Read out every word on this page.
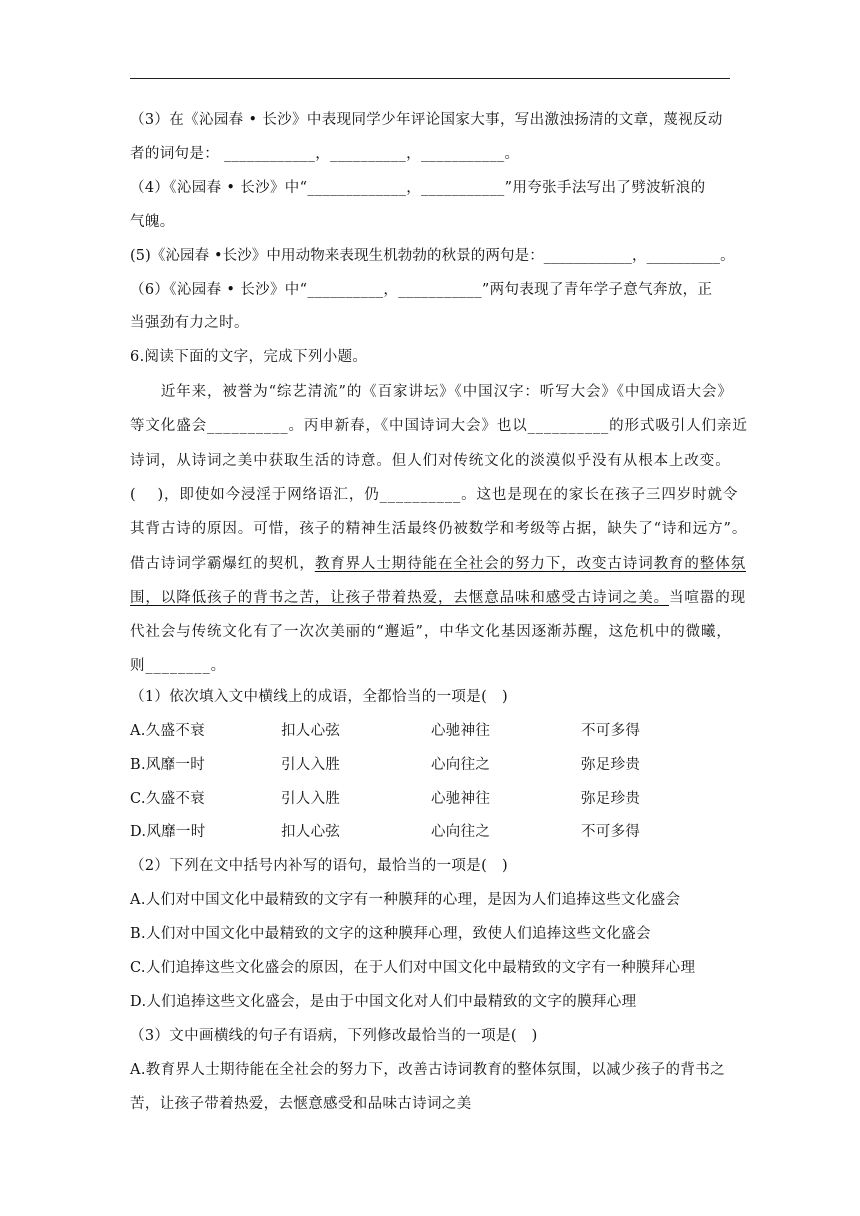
（3）在《沁园春 • 长沙》中表现同学少年评论国家大事，写出激浊扬清的文章，蔑视反动
者的词句是： ____________，__________，___________。
（4）《沁园春 • 长沙》中“_____________，___________”用夸张手法写出了劈波斩浪的
气魄。
(5)《沁园春 •长沙》中用动物来表现生机勃勃的秋景的两句是：____________，__________。
（6）《沁园春 • 长沙》中“__________，___________”两句表现了青年学子意气奔放，正
当强劲有力之时。
6.阅读下面的文字，完成下列小题。
　　近年来，被誉为“综艺清流”的《百家讲坛》《中国汉字：听写大会》《中国成语大会》
等文化盛会__________。丙申新春，《中国诗词大会》也以__________的形式吸引人们亲近
诗词，从诗词之美中获取生活的诗意。但人们对传统文化的淡漠似乎没有从根本上改变。
(　 )，即使如今浸淫于网络语汇，仍__________。这也是现在的家长在孩子三四岁时就令
其背古诗的原因。可惜，孩子的精神生活最终仍被数学和考级等占据，缺失了“诗和远方”。
借古诗词学霸爆红的契机，教育界人士期待能在全社会的努力下，改变古诗词教育的整体氛
围，以降低孩子的背书之苦，让孩子带着热爱，去惬意品味和感受古诗词之美。当喧嚣的现
代社会与传统文化有了一次次美丽的“邂逅”，中华文化基因逐渐苏醒，这危机中的微曦，
则________。
（1）依次填入文中横线上的成语，全都恰当的一项是(　)
A.久盛不衰	扣人心弦	心驰神往	不可多得
B.风靡一时	引人入胜	心向往之	弥足珍贵
C.久盛不衰	引人入胜	心驰神往	弥足珍贵
D.风靡一时	扣人心弦	心向往之	不可多得
（2）下列在文中括号内补写的语句，最恰当的一项是(　)
A.人们对中国文化中最精致的文字有一种膜拜的心理，是因为人们追捧这些文化盛会
B.人们对中国文化中最精致的文字的这种膜拜心理，致使人们追捧这些文化盛会
C.人们追捧这些文化盛会的原因，在于人们对中国文化中最精致的文字有一种膜拜心理
D.人们追捧这些文化盛会，是由于中国文化对人们中最精致的文字的膜拜心理
（3）文中画横线的句子有语病，下列修改最恰当的一项是(　)
A.教育界人士期待能在全社会的努力下，改善古诗词教育的整体氛围，以减少孩子的背书之
苦，让孩子带着热爱，去惬意感受和品味古诗词之美
